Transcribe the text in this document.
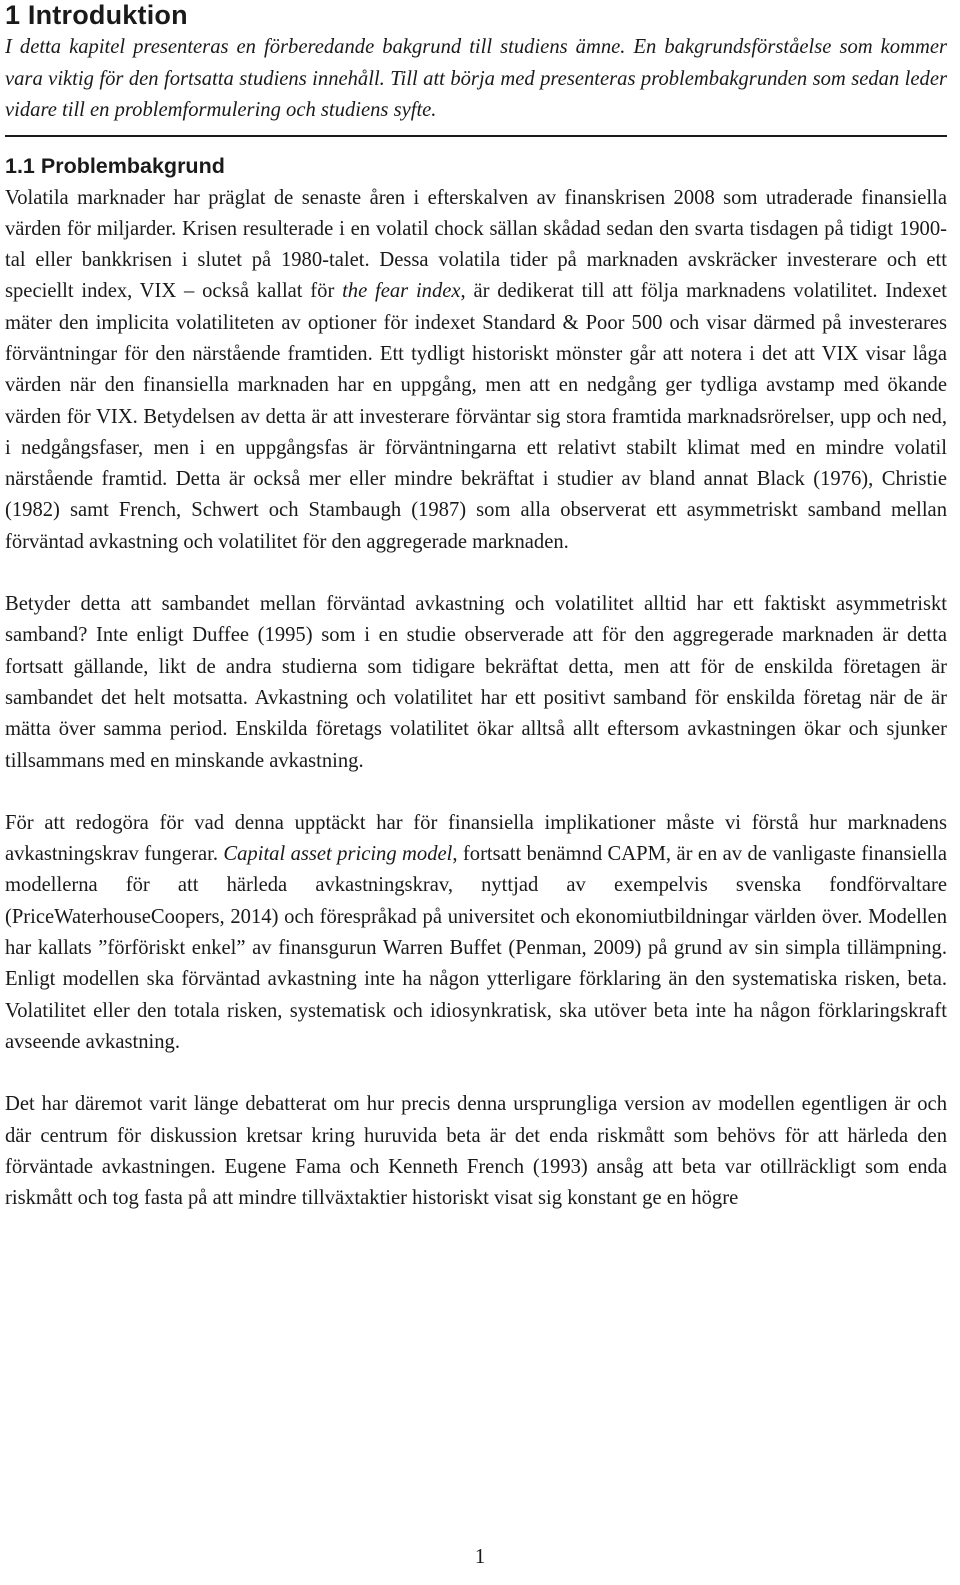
1 Introduktion

I detta kapitel presenteras en förberedande bakgrund till studiens ämne. En bakgrundsförståelse som kommer vara viktig för den fortsatta studiens innehåll. Till att börja med presenteras problembakgrunden som sedan leder vidare till en problemformulering och studiens syfte.

1.1 Problembakgrund

Volatila marknader har präglat de senaste åren i efterskalven av finanskrisen 2008 som utraderade finansiella värden för miljarder. Krisen resulterade i en volatil chock sällan skådad sedan den svarta tisdagen på tidigt 1900-tal eller bankkrisen i slutet på 1980-talet. Dessa volatila tider på marknaden avskräcker investerare och ett speciellt index, VIX – också kallat för the fear index, är dedikerat till att följa marknadens volatilitet. Indexet mäter den implicita volatiliteten av optioner för indexet Standard & Poor 500 och visar därmed på investerares förväntningar för den närstående framtiden. Ett tydligt historiskt mönster går att notera i det att VIX visar låga värden när den finansiella marknaden har en uppgång, men att en nedgång ger tydliga avstamp med ökande värden för VIX. Betydelsen av detta är att investerare förväntar sig stora framtida marknadsrörelser, upp och ned, i nedgångsfaser, men i en uppgångsfas är förväntningarna ett relativt stabilt klimat med en mindre volatil närstående framtid. Detta är också mer eller mindre bekräftat i studier av bland annat Black (1976), Christie (1982) samt French, Schwert och Stambaugh (1987) som alla observerat ett asymmetriskt samband mellan förväntad avkastning och volatilitet för den aggregerade marknaden.

Betyder detta att sambandet mellan förväntad avkastning och volatilitet alltid har ett faktiskt asymmetriskt samband? Inte enligt Duffee (1995) som i en studie observerade att för den aggregerade marknaden är detta fortsatt gällande, likt de andra studierna som tidigare bekräftat detta, men att för de enskilda företagen är sambandet det helt motsatta. Avkastning och volatilitet har ett positivt samband för enskilda företag när de är mätta över samma period. Enskilda företags volatilitet ökar alltså allt eftersom avkastningen ökar och sjunker tillsammans med en minskande avkastning.

För att redogöra för vad denna upptäckt har för finansiella implikationer måste vi förstå hur marknadens avkastningskrav fungerar. Capital asset pricing model, fortsatt benämnd CAPM, är en av de vanligaste finansiella modellerna för att härleda avkastningskrav, nyttjad av exempelvis svenska fondförvaltare (PriceWaterhouseCoopers, 2014) och förespråkad på universitet och ekonomiutbildningar världen över. Modellen har kallats ”förföriskt enkel” av finansgurun Warren Buffet (Penman, 2009) på grund av sin simpla tillämpning. Enligt modellen ska förväntad avkastning inte ha någon ytterligare förklaring än den systematiska risken, beta. Volatilitet eller den totala risken, systematisk och idiosynkratisk, ska utöver beta inte ha någon förklaringskraft avseende avkastning.

Det har däremot varit länge debatterat om hur precis denna ursprungliga version av modellen egentligen är och där centrum för diskussion kretsar kring huruvida beta är det enda riskmått som behövs för att härleda den förväntade avkastningen. Eugene Fama och Kenneth French (1993) ansåg att beta var otillräckligt som enda riskmått och tog fasta på att mindre tillväxtaktier historiskt visat sig konstant ge en högre

1
